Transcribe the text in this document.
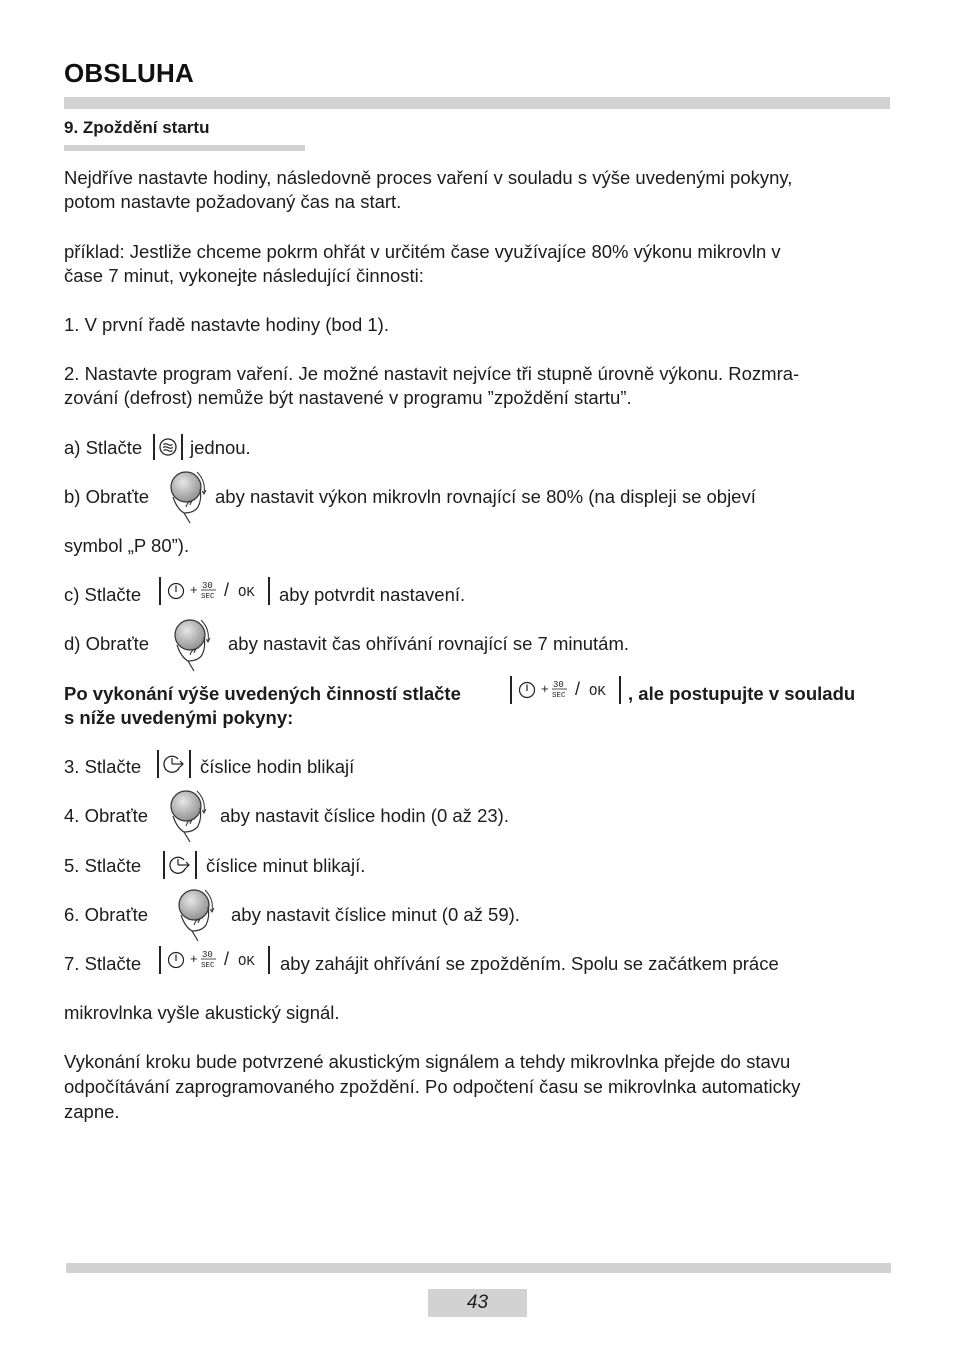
OBSLUHA
9. Zpoždění startu
Nejdříve nastavte hodiny, následovně proces vaření v souladu s výše uvedenými pokyny,
potom nastavte požadovaný čas na start.
příklad: Jestliže chceme pokrm ohřát v určitém čase využívajíce 80% výkonu mikrovln v
čase 7 minut, vykonejte následující činnosti:
1. V první řadě nastavte hodiny (bod 1).
2. Nastavte program vaření. Je možné nastavit nejvíce tři stupně úrovně výkonu. Rozmra-
zování (defrost) nemůže být nastavené v programu ”zpoždění startu”.
a) Stlačte	jednou.
b) Obraťte	aby nastavit výkon mikrovln rovnající se 80% (na displeji se objeví
symbol „P 80”).
c) Stlačte	+ 30
SEC / OK aby potvrdit nastavení.
d) Obraťte	aby nastavit čas ohřívání rovnající se 7 minutám.
Po vykonání výše uvedených činností stlačte	+ 30
SEC / OK , ale postupujte v souladu
s níže uvedenými pokyny:
3. Stlačte	číslice hodin blikají
4. Obraťte	aby nastavit číslice hodin (0 až 23).
5. Stlačte	číslice minut blikají.
6. Obraťte	aby nastavit číslice minut (0 až 59).
7. Stlačte	+ 30
SEC / OK aby zahájit ohřívání se zpožděním. Spolu se začátkem práce
mikrovlnka vyšle akustický signál.
Vykonání kroku bude potvrzené akustickým signálem a tehdy mikrovlnka přejde do stavu
odpočítávání zaprogramovaného zpoždění. Po odpočtení času se mikrovlnka automaticky
zapne.
43
